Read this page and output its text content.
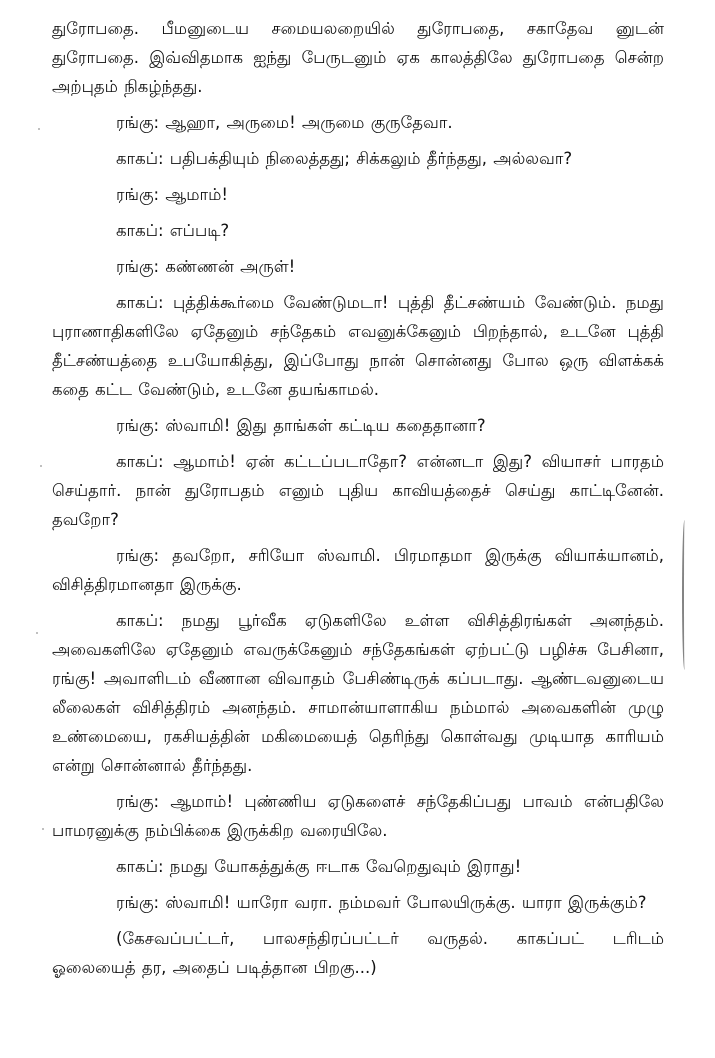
துரோபதை. பீமனுடைய சமையலறையில் துரோபதை, சகாதேவ னுடன் துரோபதை. இவ்விதமாக ஐந்து பேருடனும் ஏக காலத்திலே துரோபதை சென்ற அற்புதம் நிகழ்ந்தது.

ரங்கு: ஆஹா, அருமை! அருமை குருதேவா.

காகப்: பதிபக்தியும் நிலைத்தது; சிக்கலும் தீர்ந்தது, அல்லவா?

ரங்கு: ஆமாம்!

காகப்: எப்படி?

ரங்கு: கண்ணன் அருள்!

காகப்: புத்திக்கூர்மை வேண்டுமடா! புத்தி தீட்சண்யம் வேண்டும். நமது புராணாதிகளிலே ஏதேனும் சந்தேகம் எவனுக்கேனும் பிறந்தால், உடனே புத்தி தீட்சண்யத்தை உபயோகித்து, இப்போது நான் சொன்னது போல ஒரு விளக்கக் கதை கட்ட வேண்டும், உடனே தயங்காமல்.

ரங்கு: ஸ்வாமி! இது தாங்கள் கட்டிய கதைதானா?

காகப்: ஆமாம்! ஏன் கட்டப்படாதோ? என்னடா இது? வியாசர் பாரதம் செய்தார். நான் துரோபதம் எனும் புதிய காவியத்தைச் செய்து காட்டினேன். தவறோ?

ரங்கு: தவறோ, சரியோ ஸ்வாமி. பிரமாதமா இருக்கு வியாக்யானம், விசித்திரமானதா இருக்கு.

காகப்: நமது பூர்வீக ஏடுகளிலே உள்ள விசித்திரங்கள் அனந்தம். அவைகளிலே ஏதேனும் எவருக்கேனும் சந்தேகங்கள் ஏற்பட்டு பழிச்சு பேசினா, ரங்கு! அவாளிடம் வீணான விவாதம் பேசிண்டிருக் கப்படாது. ஆண்டவனுடைய லீலைகள் விசித்திரம் அனந்தம். சாமான்யாளாகிய நம்மால் அவைகளின் முழு உண்மையை, ரகசியத்தின் மகிமையைத் தெரிந்து கொள்வது முடியாத காரியம் என்று சொன்னால் தீர்ந்தது.

ரங்கு: ஆமாம்! புண்ணிய ஏடுகளைச் சந்தேகிப்பது பாவம் என்பதிலே பாமரனுக்கு நம்பிக்கை இருக்கிற வரையிலே.

காகப்: நமது யோகத்துக்கு ஈடாக வேறெதுவும் இராது!

ரங்கு: ஸ்வாமி! யாரோ வரா. நம்மவர் போலயிருக்கு. யாரா இருக்கும்?

(கேசவப்பட்டர், பாலசந்திரப்பட்டர் வருதல். காகப்பட் டரிடம் ஓலையைத் தர, அதைப் படித்தான பிறகு...)
